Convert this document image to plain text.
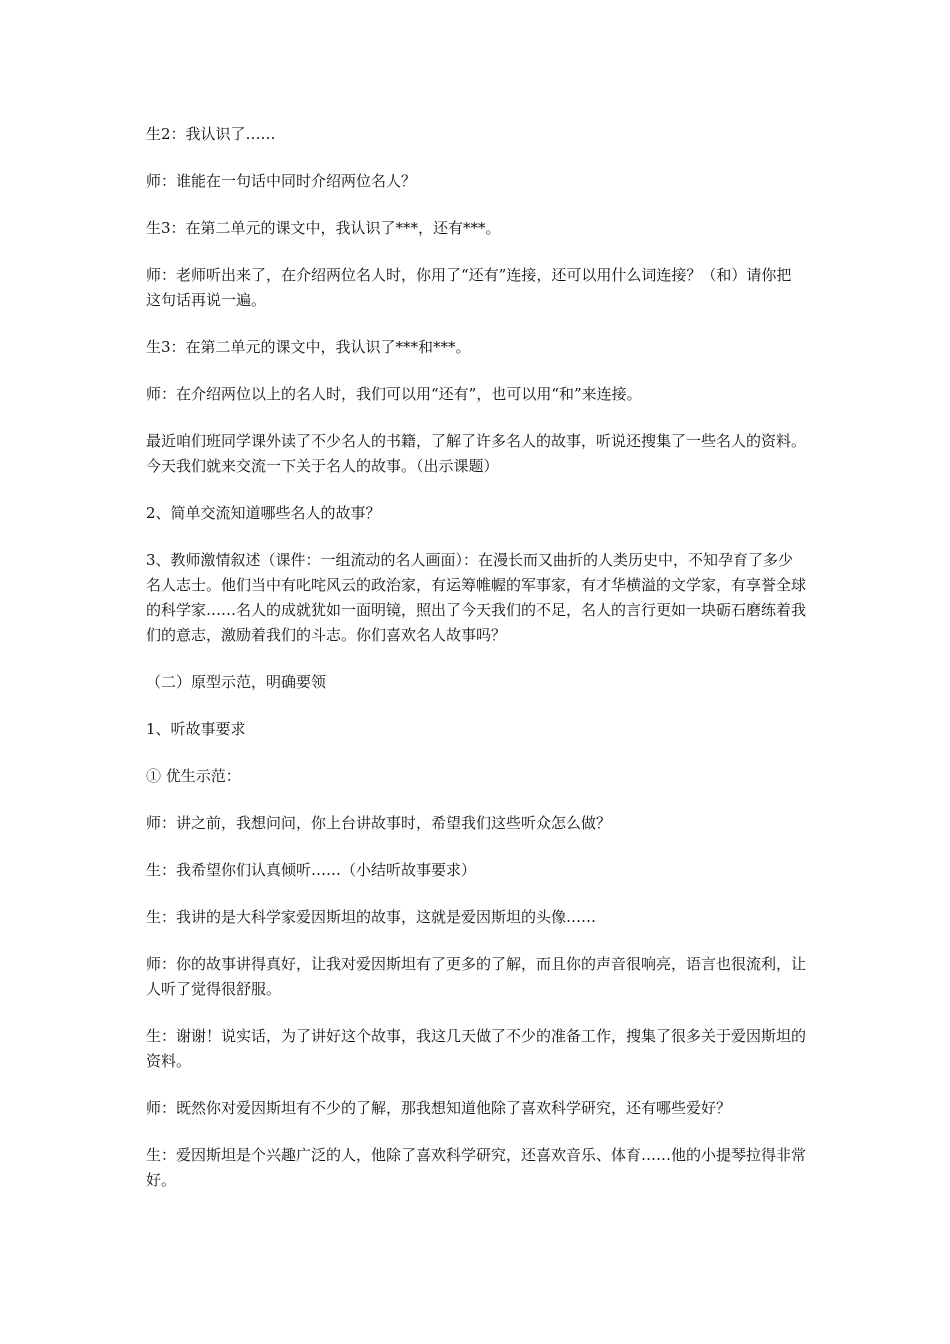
生2：我认识了……

师：谁能在一句话中同时介绍两位名人？

生3：在第二单元的课文中，我认识了***，还有***。

师：老师听出来了，在介绍两位名人时，你用了“还有”连接，还可以用什么词连接？（和）请你把这句话再说一遍。

生3：在第二单元的课文中，我认识了***和***。

师：在介绍两位以上的名人时，我们可以用“还有”，也可以用“和”来连接。

最近咱们班同学课外读了不少名人的书籍，了解了许多名人的故事，听说还搜集了一些名人的资料。今天我们就来交流一下关于名人的故事。（出示课题）

2、简单交流知道哪些名人的故事？

3、教师激情叙述（课件：一组流动的名人画面）：在漫长而又曲折的人类历史中，不知孕育了多少名人志士。他们当中有叱咤风云的政治家，有运筹帷幄的军事家，有才华横溢的文学家，有享誉全球的科学家……名人的成就犹如一面明镜，照出了今天我们的不足，名人的言行更如一块砺石磨练着我们的意志，激励着我们的斗志。你们喜欢名人故事吗？

（二）原型示范，明确要领

1、听故事要求

① 优生示范：

师：讲之前，我想问问，你上台讲故事时，希望我们这些听众怎么做？

生：我希望你们认真倾听……（小结听故事要求）

生：我讲的是大科学家爱因斯坦的故事，这就是爱因斯坦的头像……

师：你的故事讲得真好，让我对爱因斯坦有了更多的了解，而且你的声音很响亮，语言也很流利，让人听了觉得很舒服。

生：谢谢！说实话，为了讲好这个故事，我这几天做了不少的准备工作，搜集了很多关于爱因斯坦的资料。

师：既然你对爱因斯坦有不少的了解，那我想知道他除了喜欢科学研究，还有哪些爱好？

生：爱因斯坦是个兴趣广泛的人，他除了喜欢科学研究，还喜欢音乐、体育……他的小提琴拉得非常好。
